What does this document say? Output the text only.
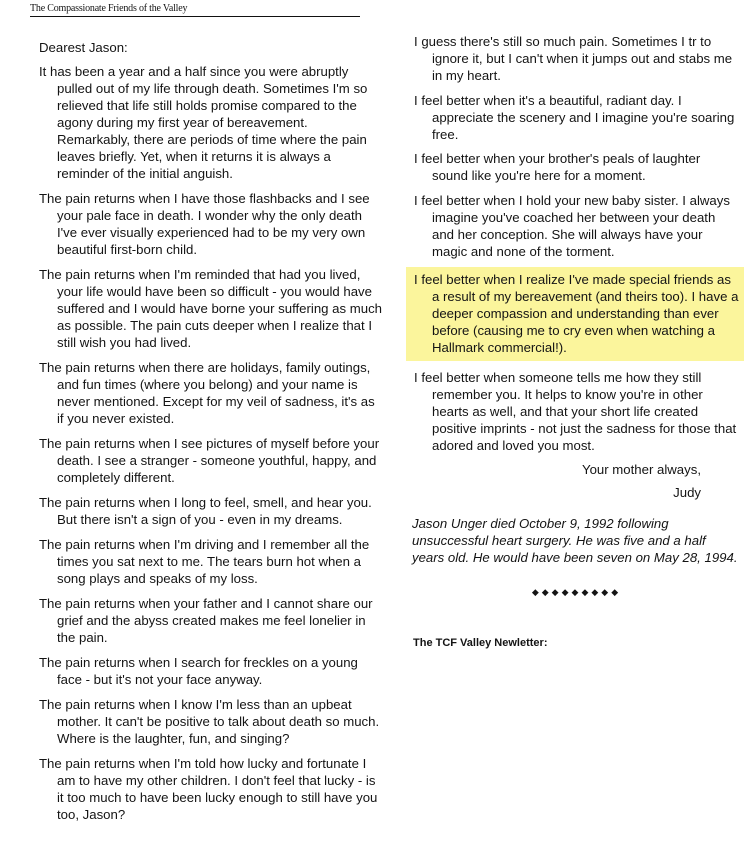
The Compassionate Friends of the Valley

Dearest Jason:

It has been a year and a half since you were abruptly pulled out of my life through death. Sometimes I'm so relieved that life still holds promise compared to the agony during my first year of bereavement. Remarkably, there are periods of time where the pain leaves briefly. Yet, when it returns it is always a reminder of the initial anguish.

The pain returns when I have those flashbacks and I see your pale face in death. I wonder why the only death I've ever visually experienced had to be my very own beautiful first-born child.

The pain returns when I'm reminded that had you lived, your life would have been so difficult - you would have suffered and I would have borne your suffering as much as possible. The pain cuts deeper when I realize that I still wish you had lived.

The pain returns when there are holidays, family outings, and fun times (where you belong) and your name is never mentioned. Except for my veil of sadness, it's as if you never existed.

The pain returns when I see pictures of myself before your death. I see a stranger - someone youthful, happy, and completely different.

The pain returns when I long to feel, smell, and hear you. But there isn't a sign of you - even in my dreams.

The pain returns when I'm driving and I remember all the times you sat next to me. The tears burn hot when a song plays and speaks of my loss.

The pain returns when your father and I cannot share our grief and the abyss created makes me feel lonelier in the pain.

The pain returns when I search for freckles on a young face - but it's not your face anyway.

The pain returns when I know I'm less than an upbeat mother. It can't be positive to talk about death so much. Where is the laughter, fun, and singing?

The pain returns when I'm told how lucky and fortunate I am to have my other children. I don't feel that lucky - is it too much to have been lucky enough to still have you too, Jason?

I guess there's still so much pain. Sometimes I tr to ignore it, but I can't when it jumps out and stabs me in my heart.

I feel better when it's a beautiful, radiant day. I appreciate the scenery and I imagine you're soaring free.

I feel better when your brother's peals of laughter sound like you're here for a moment.

I feel better when I hold your new baby sister. I always imagine you've coached her between your death and her conception. She will always have your magic and none of the torment.

I feel better when I realize I've made special friends as a result of my bereavement (and theirs too). I have a deeper compassion and understanding than ever before (causing me to cry even when watching a Hallmark commercial!).

I feel better when someone tells me how they still remember you. It helps to know you're in other hearts as well, and that your short life created positive imprints - not just the sadness for those that adored and loved you most.

Your mother always,

Judy

Jason Unger died October 9, 1992 following unsuccessful heart surgery. He was five and a half years old. He would have been seven on May 28, 1994.

◆◆◆◆◆◆◆◆◆
The TCF Valley Newletter:
